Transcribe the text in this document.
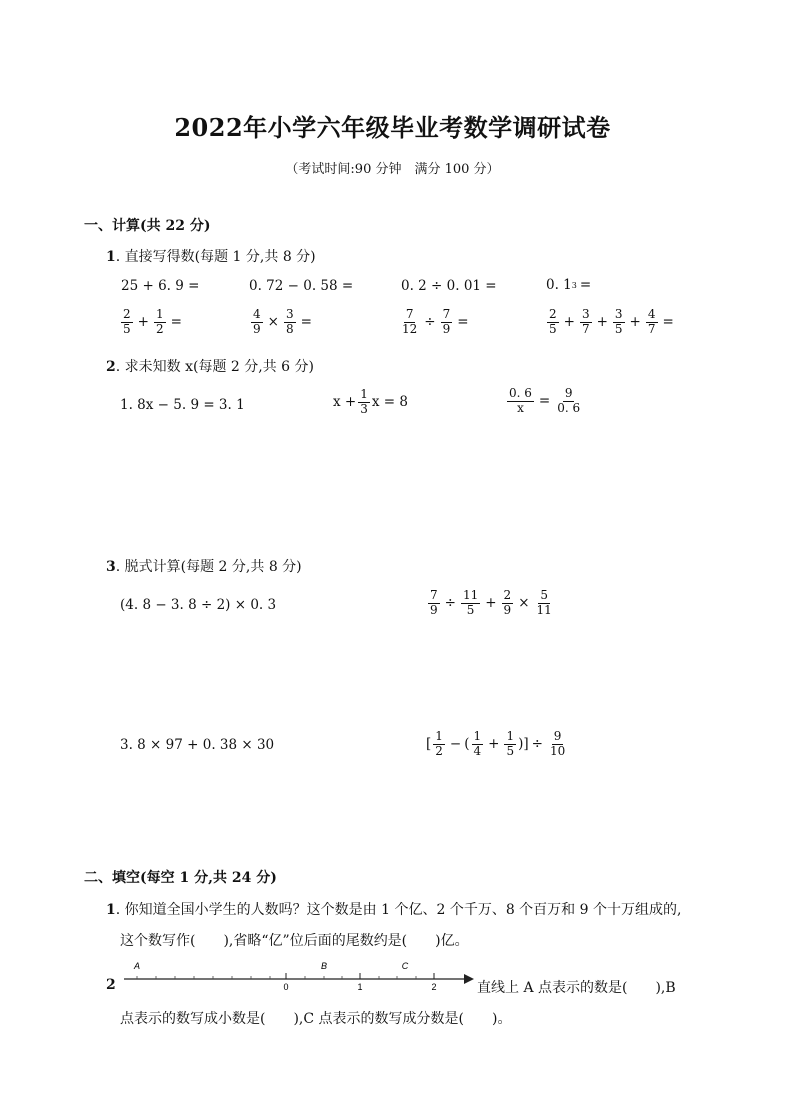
2022年小学六年级毕业考数学调研试卷
（考试时间:90 分钟　满分 100 分）
一、计算(共 22 分)
1. 直接写得数(每题 1 分,共 8 分)
25 + 6. 9 =	0. 72 − 0. 58 =	0. 2 ÷ 0. 01 =	0. 1 3 =
$\frac{2}{5} + \frac{1}{2}$ =	$\frac{4}{9} \times \frac{3}{8}$ =	$\frac{7}{12} \div \frac{7}{9}$ =	$\frac{2}{5} + \frac{3}{7} + \frac{3}{5} + \frac{4}{7}$ =
2. 求未知数 x(每题 2 分,共 6 分)
1. 8x − 5. 9 = 3. 1	$x + \frac{1}{3}$ x = 8	$\frac{0. 6}{x} = \frac{9}{0. 6}$
3. 脱式计算(每题 2 分,共 8 分)
(4. 8 − 3. 8 ÷ 2) × 0. 3	$\frac{7}{9} \div \frac{11}{5} + \frac{2}{9} \times \frac{5}{11}$
3. 8 × 97 + 0. 38 × 30	[ $\frac{1}{2}$ − ( $\frac{1}{4} + \frac{1}{5}$ )] ÷ $\frac{9}{10}$
二、填空(每空 1 分,共 24 分)
1. 你知道全国小学生的人数吗？这个数是由 1 个亿、2 个千万、8 个百万和 9 个十万组成的,
这个数写作(　　),省略“亿”位后面的尾数约是(　　)亿。
2
A	B	C
0	1	2	直线上 A 点表示的数是(　　),B
点表示的数写成小数是(　　),C 点表示的数写成分数是(　　)。
